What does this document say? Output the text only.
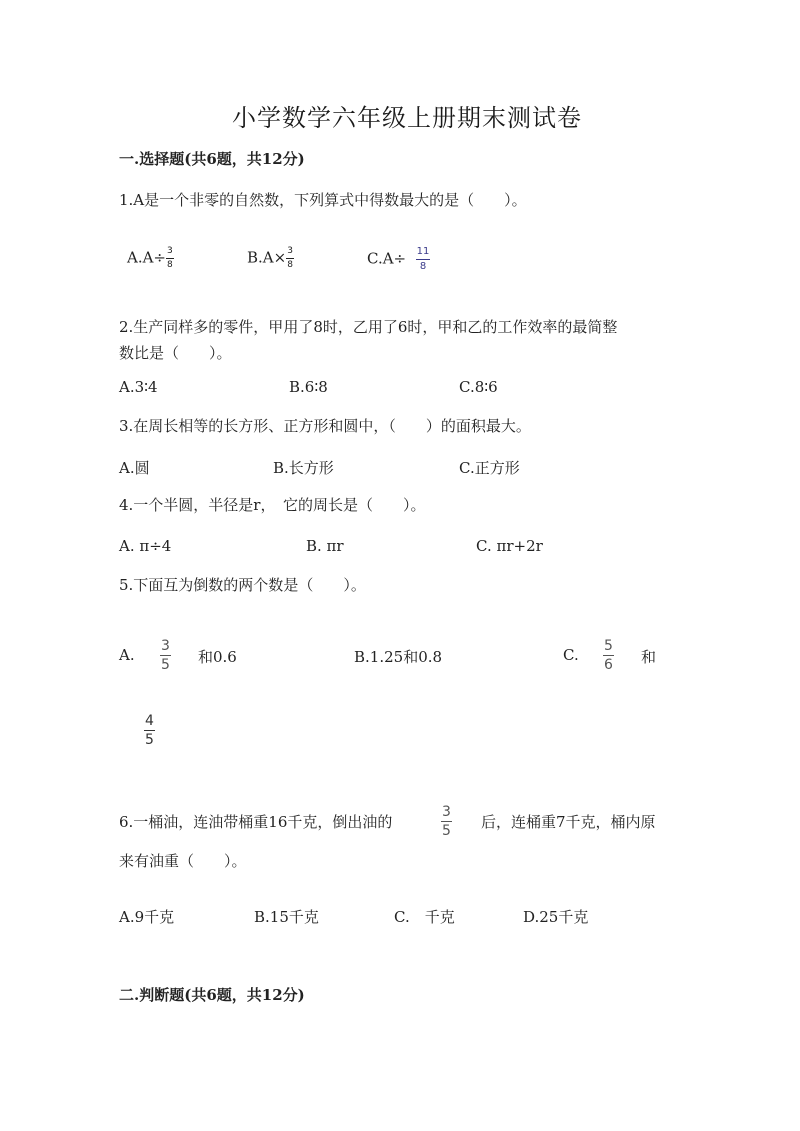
小学数学六年级上册期末测试卷
一.选择题(共6题，共12分)
1.A是一个非零的自然数，下列算式中得数最大的是（　　）。
$A.A\div \frac{3}{8}$	$B.A\times \frac{3}{8}$	$C.A\div \frac{11}{8}$
2.生产同样多的零件，甲用了8时，乙用了6时，甲和乙的工作效率的最简整
数比是（　　）。
A.3∶4	B.6∶8	C.8∶6
3.在周长相等的长方形、正方形和圆中，（　　）的面积最大。
A.圆	B.长方形	C.正方形
4.一个半圆，半径是r，　它的周长是（　　）。
A. π÷4	B. πr	C. πr+2r
5.下面互为倒数的两个数是（　　）。
A. $\frac{3}{5}$ 和0.6	B.1.25和0.8	C. $\frac{5}{6}$ 和
$\frac{4}{5}$
6.一桶油，连油带桶重16千克，倒出油的	$\frac{3}{5}$ 后，连桶重7千克，桶内原
来有油重（　　）。
A.9千克	B.15千克	C.　千克	D.25千克
二.判断题(共6题，共12分)
